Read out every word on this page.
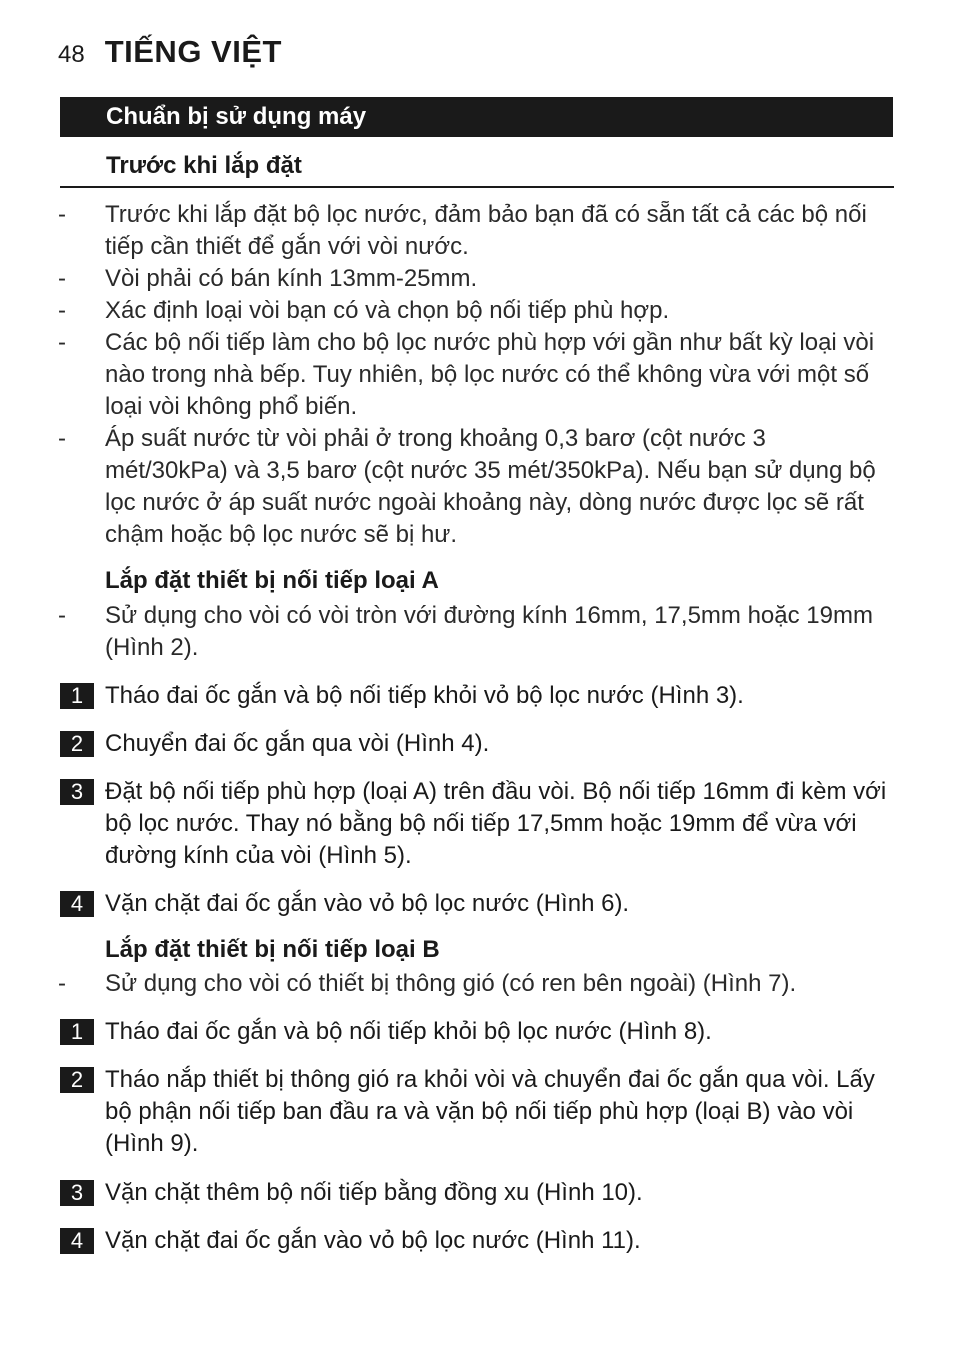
48 TIẾNG VIỆT
Chuẩn bị sử dụng máy
Trước khi lắp đặt
-	Trước khi lắp đặt bộ lọc nước, đảm bảo bạn đã có sẵn tất cả các bộ nối tiếp cần thiết để gắn với vòi nước.
-	Vòi phải có bán kính 13mm-25mm.
-	Xác định loại vòi bạn có và chọn bộ nối tiếp phù hợp.
-	Các bộ nối tiếp làm cho bộ lọc nước phù hợp với gần như bất kỳ loại vòi nào trong nhà bếp. Tuy nhiên, bộ lọc nước có thể không vừa với một số loại vòi không phổ biến.
-	Áp suất nước từ vòi phải ở trong khoảng 0,3 barơ (cột nước 3 mét/30kPa) và 3,5 barơ (cột nước 35 mét/350kPa). Nếu bạn sử dụng bộ lọc nước ở áp suất nước ngoài khoảng này, dòng nước được lọc sẽ rất chậm hoặc bộ lọc nước sẽ bị hư.
Lắp đặt thiết bị nối tiếp loại A
-	Sử dụng cho vòi có vòi tròn với đường kính 16mm, 17,5mm hoặc 19mm (Hình 2).
1 Tháo đai ốc gắn và bộ nối tiếp khỏi vỏ bộ lọc nước (Hình 3).
2 Chuyển đai ốc gắn qua vòi (Hình 4).
3 Đặt bộ nối tiếp phù hợp (loại A) trên đầu vòi. Bộ nối tiếp 16mm đi kèm với bộ lọc nước. Thay nó bằng bộ nối tiếp 17,5mm hoặc 19mm để vừa với đường kính của vòi (Hình 5).
4 Vặn chặt đai ốc gắn vào vỏ bộ lọc nước (Hình 6).
Lắp đặt thiết bị nối tiếp loại B
-	Sử dụng cho vòi có thiết bị thông gió (có ren bên ngoài) (Hình 7).
1 Tháo đai ốc gắn và bộ nối tiếp khỏi bộ lọc nước (Hình 8).
2 Tháo nắp thiết bị thông gió ra khỏi vòi và chuyển đai ốc gắn qua vòi. Lấy bộ phận nối tiếp ban đầu ra và vặn bộ nối tiếp phù hợp (loại B) vào vòi (Hình 9).
3 Vặn chặt thêm bộ nối tiếp bằng đồng xu (Hình 10).
4 Vặn chặt đai ốc gắn vào vỏ bộ lọc nước (Hình 11).
